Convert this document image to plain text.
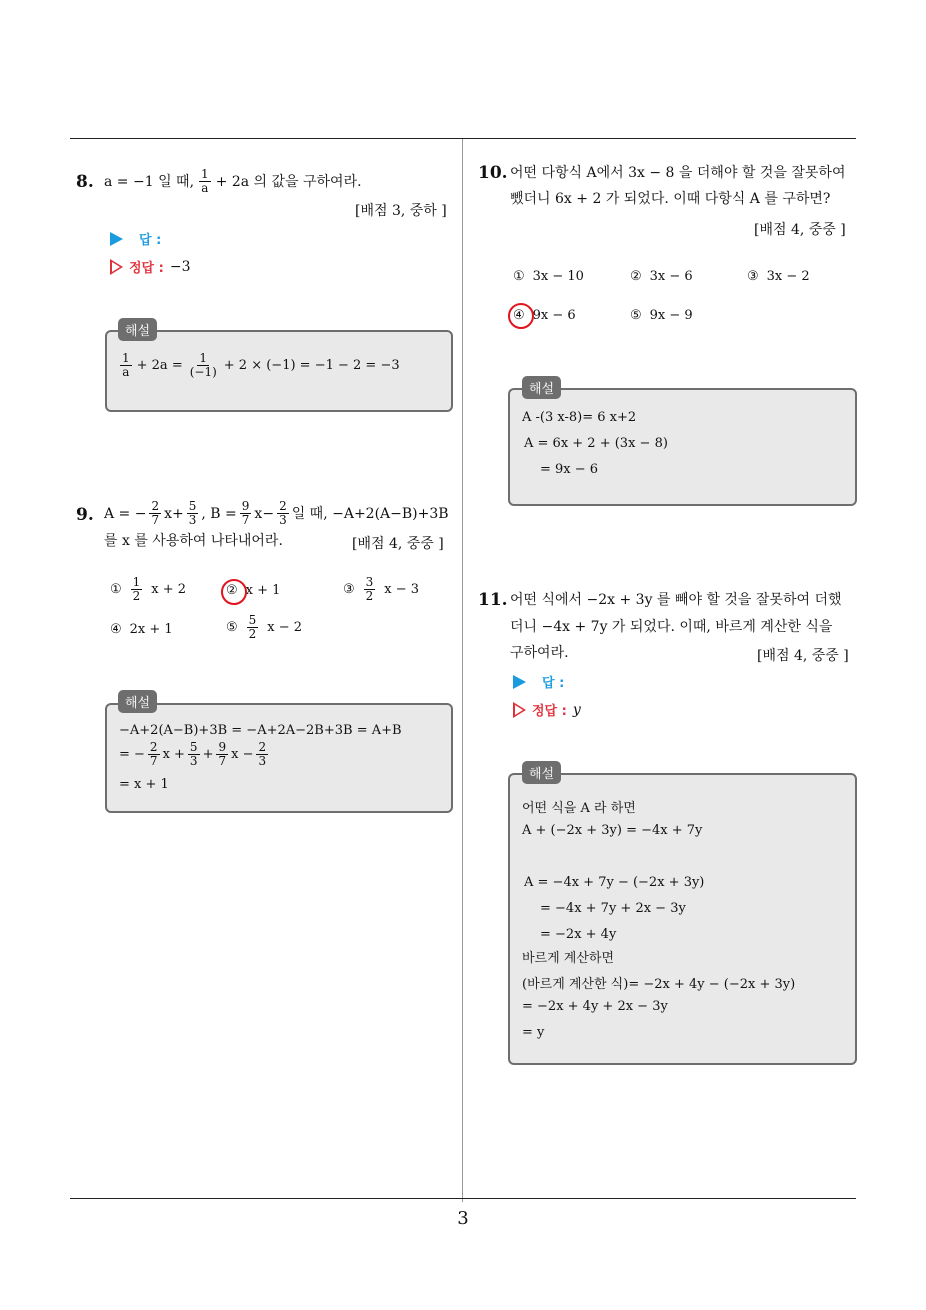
3
8. a = −1 일 때, $\frac{1}{a} + 2a$ 의 값을 구하여라.
[배점 3, 중하 ]
답 :
정답 : −3
$\frac{1}{a} + 2a = \frac{1}{(-1)} + 2 \times (-1) = -1 - 2 = -3$
해설
9. A = − $\frac{2}{7} x+ \frac{5}{3}$ , $B = \frac{9}{7} x- \frac{2}{3}$ 일 때, −A+2(A−B)+3B
를 x 를 사용하여 나타내어라.	[배점 4, 중중 ]
① $\frac{1}{2}$ x + 2	② x + 1	③ $\frac{3}{2}$ x − 3
④ 2x + 1	⑤ $\frac{5}{2}$ x − 2
−A+2(A−B)+3B = −A+2A−2B+3B = A+B
= − $\frac{2}{7}$ $x + \frac{5}{3} + \frac{9}{7}$ $x - \frac{2}{3}$
= x + 1
해설
10. 어떤 다항식 A에서 3x − 8 을 더해야 할 것을 잘못하여
뺐더니 6x + 2 가 되었다. 이때 다항식 A 를 구하면?
[배점 4, 중중 ]
① 3x − 10	② 3x − 6	③ 3x − 2
④ 9x − 6	⑤ 9x − 9
A -(3 x-8)= 6 x+2
A = 6x + 2 + (3x − 8)
= 9x − 6
해설
11. 어떤 식에서 −2x + 3y 를 빼야 할 것을 잘못하여 더했
더니 −4x + 7y 가 되었다. 이때, 바르게 계산한 식을
구하여라.	[배점 4, 중중 ]
답 :
정답 : y
어떤 식을 A 라 하면
A + (−2x + 3y) = −4x + 7y
A = −4x + 7y − (−2x + 3y)
= −4x + 7y + 2x − 3y
= −2x + 4y
바르게 계산하면
(바르게 계산한 식)= −2x + 4y − (−2x + 3y)
= −2x + 4y + 2x − 3y
= y
해설
